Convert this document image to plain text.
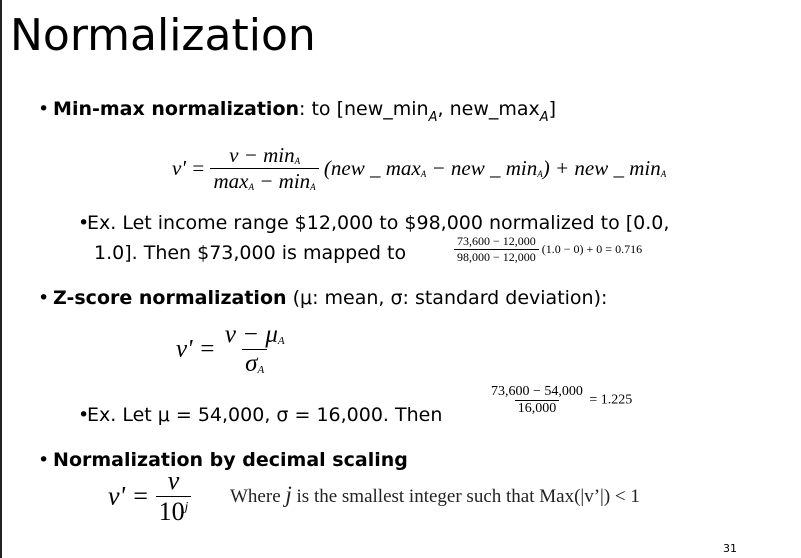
Normalization
• Min-max normalization: to [$new\_\min_A$, $new\_\max_A$]
$v' = \frac{v - \min_A}{\max_A - \min_A} (new$ _ $\max_A$ − new _ $\min_A$) + new _ $\min_A$
•Ex. Let income range $12,000 to $98,000 normalized to [0.0,
1.0]. Then $73,000 is mapped to	$\frac{73,600 - 12,000}{98,000 - 12,000} (1.0 - 0) + 0 = 0.716$
• Z-score normalization (μ: mean, σ: standard deviation):
$v' = \frac{v - \mu A}{\sigma A}$
•Ex. Let μ = 54,000, σ = 16,000. Then	$\frac{73,600 - 54,000}{16,000} = 1.225$
• Normalization by decimal scaling
$v' = \frac{v}{10^j}$ Where j is the smallest integer such that Max(|v’|) < 1
31
